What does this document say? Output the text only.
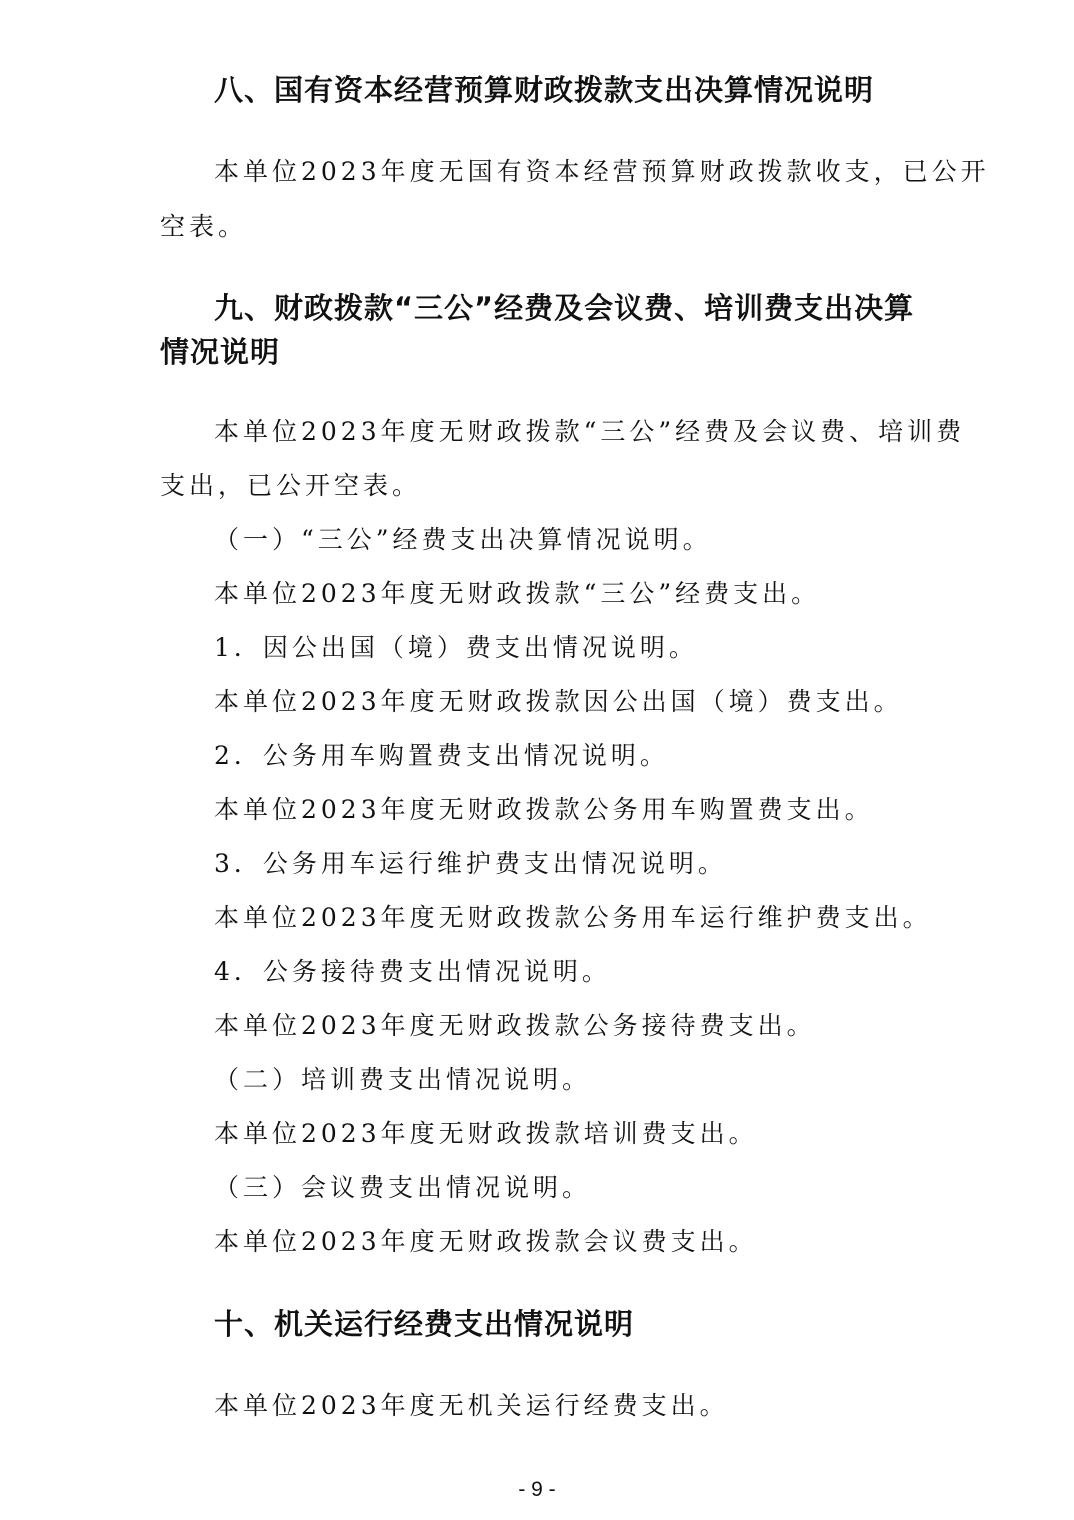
八、国有资本经营预算财政拨款支出决算情况说明

本单位2023年度无国有资本经营预算财政拨款收支，已公开

空表。

九、财政拨款“三公”经费及会议费、培训费支出决算
情况说明

本单位2023年度无财政拨款“三公”经费及会议费、培训费

支出，已公开空表。

（一）“三公”经费支出决算情况说明。

本单位2023年度无财政拨款“三公”经费支出。

1．因公出国（境）费支出情况说明。

本单位2023年度无财政拨款因公出国（境）费支出。

2．公务用车购置费支出情况说明。

本单位2023年度无财政拨款公务用车购置费支出。

3．公务用车运行维护费支出情况说明。

本单位2023年度无财政拨款公务用车运行维护费支出。

4．公务接待费支出情况说明。

本单位2023年度无财政拨款公务接待费支出。

（二）培训费支出情况说明。

本单位2023年度无财政拨款培训费支出。

（三）会议费支出情况说明。

本单位2023年度无财政拨款会议费支出。

十、机关运行经费支出情况说明

本单位2023年度无机关运行经费支出。

- 9 -
